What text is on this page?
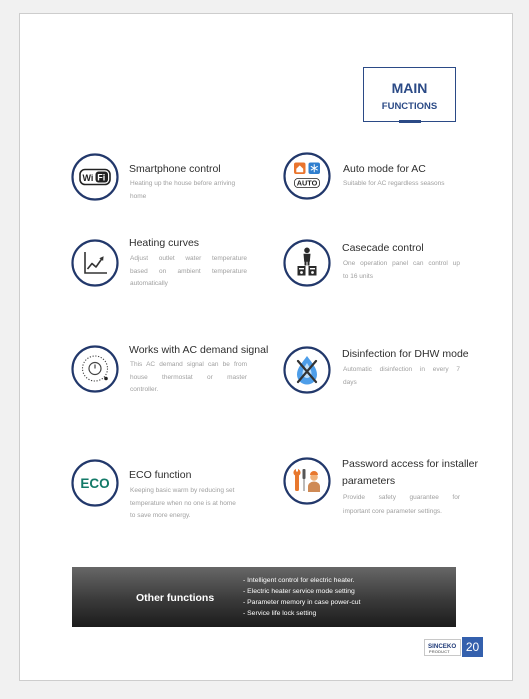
MAIN
FUNCTIONS
Wi Fi
Smartphone control
Heating up the house before arriving
home
AUTO
Auto mode for AC
Suitable for AC regardless seasons
Heating curves
Adjust outlet water temperature
based on ambient temperature
automatically
Casecade control
One operation panel can control up
to 16 units
Works with AC demand signal
This AC demand signal can be from
house thermostat or master
controller.
Disinfection for DHW mode
Automatic disinfection in every 7
days
ECO
ECO function
Keeping basic warm by reducing set
temperature when no one is at home
to save more energy.
Password access for installer
parameters
Provide safety guarantee for
important core parameter settings.
Other functions
- Intelligent control for electric heater.
- Electric heater service mode setting
- Parameter memory in case power-cut
- Service life lock setting
SINCEKO
PRODUCT	20
